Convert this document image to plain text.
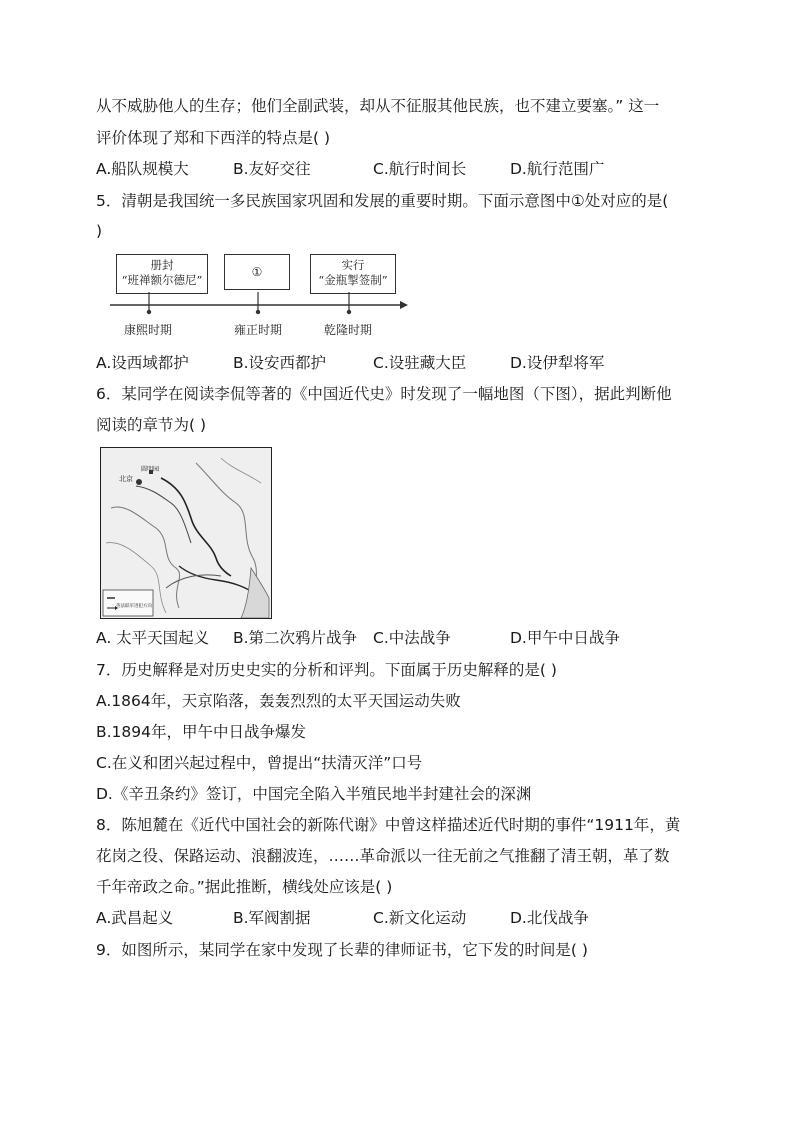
从不威胁他人的生存；他们全副武装，却从不征服其他民族，也不建立要塞。” 这一
评价体现了郑和下西洋的特点是( )
A.船队规模大	B.友好交往	C.航行时间长	D.航行范围广
5．清朝是我国统一多民族国家巩固和发展的重要时期。下面示意图中①处对应的是(
)
册封
“班禅额尔德尼”
①	实行
“金瓶掣签制”
康熙时期	雍正时期	乾隆时期
A.设西域都护	B.设安西都护	C.设驻藏大臣	D.设伊犁将军
6．某同学在阅读李侃等著的《中国近代史》时发现了一幅地图（下图），据此判断他
阅读的章节为( )
北京
圆明园
英法联军进犯方向
A. 太平天国起义 B.第二次鸦片战争 C.中法战争	D.甲午中日战争
7．历史解释是对历史史实的分析和评判。下面属于历史解释的是( )
A.1864年，天京陷落，轰轰烈烈的太平天国运动失败
B.1894年，甲午中日战争爆发
C.在义和团兴起过程中，曾提出“扶清灭洋”口号
D.《辛丑条约》签订，中国完全陷入半殖民地半封建社会的深渊
8．陈旭麓在《近代中国社会的新陈代谢》中曾这样描述近代时期的事件“1911年，黄
花岗之役、保路运动、浪翻波连，……革命派以一往无前之气推翻了清王朝，革了数
千年帝政之命。”据此推断，横线处应该是( )
A.武昌起义	B.军阀割据	C.新文化运动	D.北伐战争
9．如图所示，某同学在家中发现了长辈的律师证书，它下发的时间是( )
